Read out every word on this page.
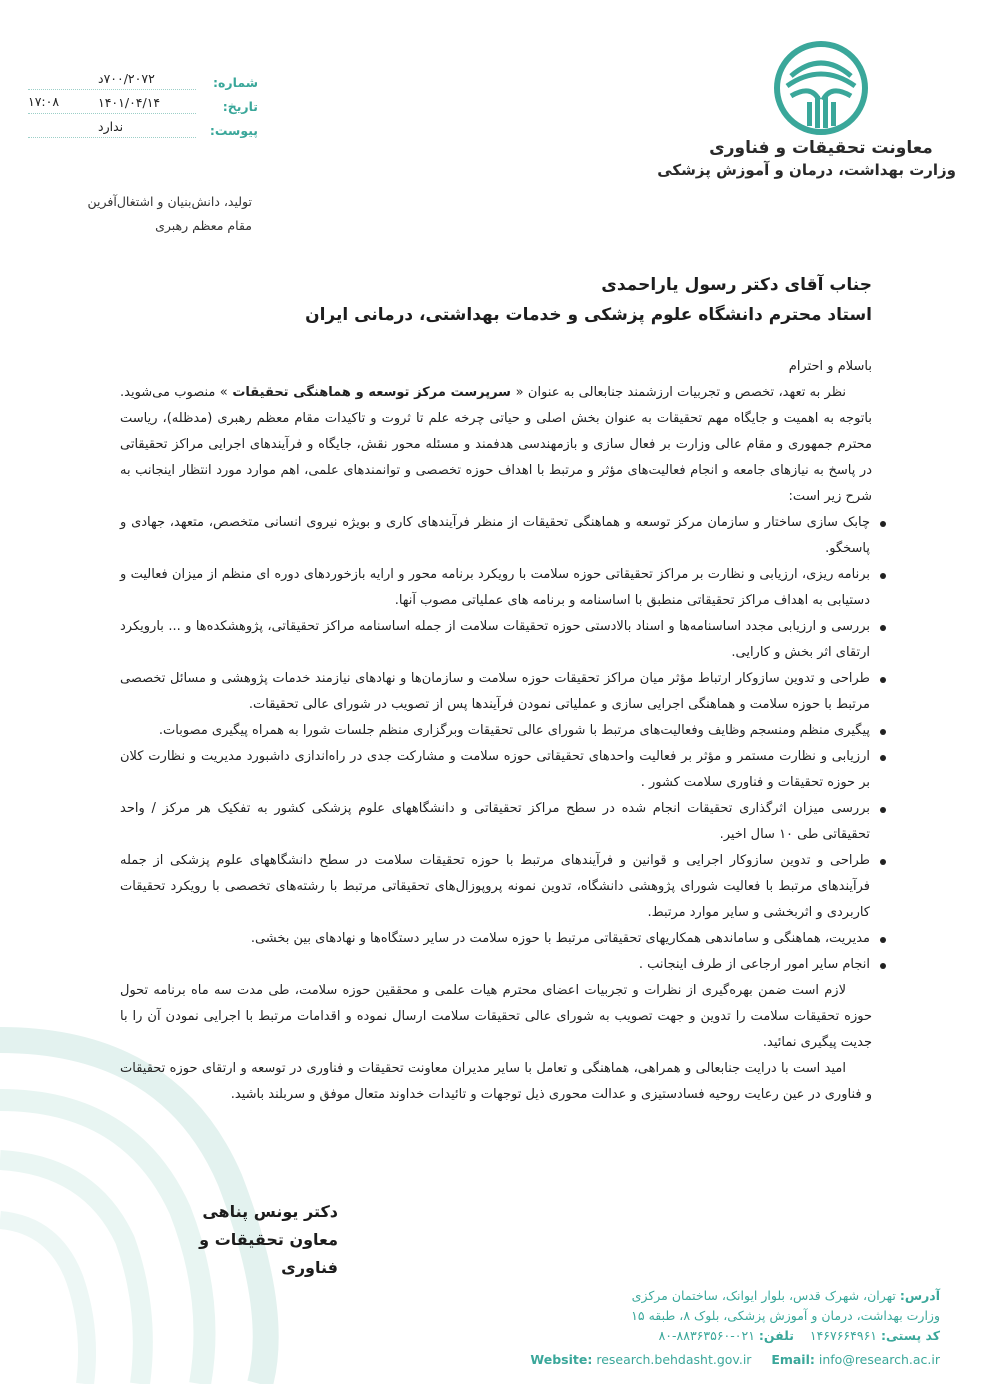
معاونت تحقیقات و فناوری
وزارت بهداشت، درمان و آموزش پزشکی
شماره:
۷۰۰/۲۰۷۲د
تاریخ:
۱۴۰۱/۰۴/۱۴
پیوست:
ندارد
۱۷:۰۸
تولید، دانش‌بنیان و اشتغال‌آفرین
مقام معظم رهبری
جناب آقای دکتر رسول یاراحمدی
استاد محترم دانشگاه علوم پزشکی و خدمات بهداشتی، درمانی ایران

باسلام و احترام

نظر به تعهد، تخصص و تجربیات ارزشمند جنابعالی به عنوان « سرپرست مرکز توسعه و هماهنگی تحقیقات » منصوب می‌شوید. باتوجه به اهمیت و جایگاه مهم تحقیقات به عنوان بخش اصلی و حیاتی چرخه علم تا ثروت و تاکیدات مقام معظم رهبری (مدظله)، ریاست محترم جمهوری و مقام عالی وزارت بر فعال سازی و بازمهندسی هدفمند و مسئله محور نقش، جایگاه و فرآیندهای اجرایی مراکز تحقیقاتی در پاسخ به نیازهای جامعه و انجام فعالیت‌های مؤثر و مرتبط با اهداف حوزه تخصصی و توانمندهای علمی، اهم موارد مورد انتظار اینجانب به شرح زیر است:

چابک سازی ساختار و سازمان مرکز توسعه و هماهنگی تحقیقات از منظر فرآیندهای کاری و بویژه نیروی انسانی متخصص، متعهد، جهادی و پاسخگو.
برنامه ریزی، ارزیابی و نظارت بر مراکز تحقیقاتی حوزه سلامت با رویکرد برنامه محور و ارایه بازخوردهای دوره ای منظم از میزان فعالیت و دستیابی به اهداف مراکز تحقیقاتی منطبق با اساسنامه و برنامه های عملیاتی مصوب آنها.
بررسی و ارزیابی مجدد اساسنامه‌ها و اسناد بالادستی حوزه تحقیقات سلامت از جمله اساسنامه مراکز تحقیقاتی، پژوهشکده‌ها و ... بارویکرد ارتقای اثر بخش و کارایی.
طراحی و تدوین سازوکار ارتباط مؤثر میان مراکز تحقیقات حوزه سلامت و سازمان‌ها و نهادهای نیازمند خدمات پژوهشی و مسائل تخصصی مرتبط با حوزه سلامت و هماهنگی اجرایی سازی و عملیاتی نمودن فرآیندها پس از تصویب در شورای عالی تحقیقات.
پیگیری منظم ومنسجم وظایف وفعالیت‌های مرتبط با شورای عالی تحقیقات وبرگزاری منظم جلسات شورا به همراه پیگیری مصوبات.
ارزیابی و نظارت مستمر و مؤثر بر فعالیت واحدهای تحقیقاتی حوزه سلامت و مشارکت جدی در راه‌اندازی داشبورد مدیریت و نظارت کلان بر حوزه تحقیقات و فناوری سلامت کشور .
بررسی میزان اثرگذاری تحقیقات انجام شده در سطح مراکز تحقیقاتی و دانشگاههای علوم پزشکی کشور به تفکیک هر مرکز / واحد تحقیقاتی طی ۱۰ سال اخیر.
طراحی و تدوین سازوکار اجرایی و قوانین و فرآیندهای مرتبط با حوزه تحقیقات سلامت در سطح دانشگاههای علوم پزشکی از جمله فرآیندهای مرتبط با فعالیت شورای پژوهشی دانشگاه، تدوین نمونه پروپوزال‌های تحقیقاتی مرتبط با رشته‌های تخصصی با رویکرد تحقیقات کاربردی و اثربخشی و سایر موارد مرتبط.
مدیریت، هماهنگی و ساماندهی همکاریهای تحقیقاتی مرتبط با حوزه سلامت در سایر دستگاه‌ها و نهادهای بین بخشی.
انجام سایر امور ارجاعی از طرف اینجانب .

لازم است ضمن بهره‌گیری از نظرات و تجربیات اعضای محترم هیات علمی و محققین حوزه سلامت، طی مدت سه ماه برنامه تحول حوزه تحقیقات سلامت را تدوین و جهت تصویب به شورای عالی تحقیقات سلامت ارسال نموده و اقدامات مرتبط با اجرایی نمودن آن را با جدیت پیگیری نمائید.

امید است با درایت جنابعالی و همراهی، هماهنگی و تعامل با سایر مدیران معاونت تحقیقات و فناوری در توسعه و ارتقای حوزه تحقیقات و فناوری در عین رعایت روحیه فسادستیزی و عدالت محوری ذیل توجهات و تائیدات خداوند متعال موفق و سربلند باشید.

دکتر یونس پناهی
معاون تحقیقات و فناوری
آدرس: تهران، شهرک قدس، بلوار ایوانک، ساختمان مرکزی
وزارت بهداشت، درمان و آموزش پزشکی، بلوک ۸، طبقه ۱۵
کد پستی: ۱۴۶۷۶۶۴۹۶۱    تلفن: ۰۲۱-۸۸۳۶۳۵۶۰-۸۰
Website: research.behdasht.gov.ir Email: info@research.ac.ir
